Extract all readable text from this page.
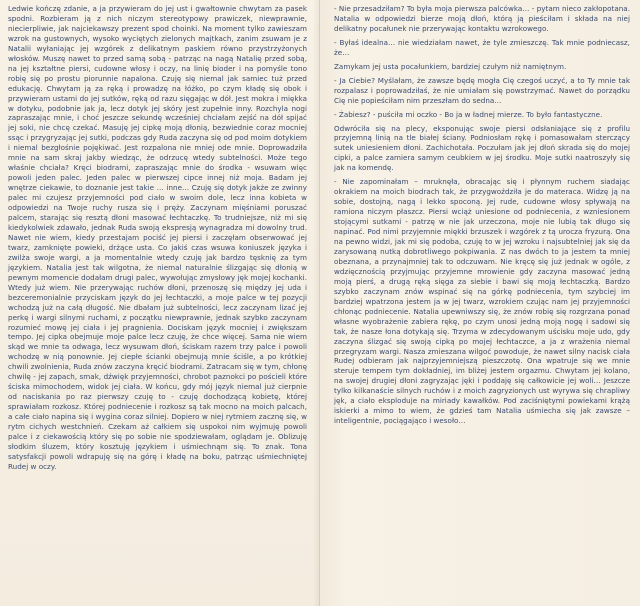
Ledwie kończę zdanie, a ja przywieram do jej ust i gwałtownie chwytam za pasek spodni. Rozbieram ją z nich niczym stereotypowy prawiczek, niewprawnie, niecierpliwie, jak najciekawszy prezent spod choinki. Na moment tylko zawieszam wzrok na gustownych, wysoko wyciętych zielonych majtkach, zanim zsuwam je z Natalii wyłaniając jej wzgórek z delikatnym paskiem równo przystrzyżonych włosków. Muszę nawet to przed samą sobą - patrząc na nagą Natalię przed sobą, na jej kształtne piersi, cudowne włosy i oczy, na linię bioder i na pomyśle tono robię się po prostu piorunnie napalona. Czuję się niemal jak samiec tuż przed edukację. Chwytam ją za ręką i prowadzę na łóżko, po czym kładę się obok i przywieram ustami do jej sutków, ręką od razu sięgając w dół. Jest mokra i miękka w dotyku, podobnie jak ja, lecz dotyk jej skóry jest zupełnie inny. Rozchyla nogi zapraszając mnie, i choć jeszcze sekundę wcześniej chciałam zejść na dół spijać jej soki, nie chcę czekać. Masuję jej cipkę moją dłonią, bezwiednie coraz mocniej ssąc i przygryzając jej sutki, podczas gdy Ruda zaczyna się od pod moim dotykiem i niemal bezgłośnie pojękiwać. Jest rozpalona nie mniej ode mnie. Doprowadziła mnie na sam skraj jakby wiedząc, że odrzucę wtedy subtelności. Może tego właśnie chciała? Kręci biodrami, zapraszając mnie do środka - wsuwam więc powoli jeden palec. Jeden palec w pierwszej cipce innej niż moja. Badam jej wnętrze ciekawie, to doznanie jest takie … inne… Czuję się dotyk jakże ze zwinny palec mi czujesz przyjemności pod ciało w swoim dole, lecz inna kobieta w odpowiedzi na Twoje ruchy rusza się i pręży. Zaczynam mięśniami poruszać palcem, starając się resztą dłoni masować łechtaczkę. To trudniejsze, niż mi się kiedykolwiek zdawało, jednak Ruda swoją ekspresją wynagradza mi dowolny trud. Nawet nie wiem, kiedy przestajam pociść jej piersi i zaczęłam obserwować jej twarz, zamknięte powieki, drżące usta. Co jakiś czas wsuwa koniuszek języka i zwilża swoje wargi, a ja momentalnie wtedy czuję jak bardzo tęsknię za tym językiem. Natalia jest tak wilgotna, że niemal naturalnie ślizgając się dłonią w pewnym momencie dodałam drugi palec, wywołując zmysłowy jęk mojej kochanki. Wtedy już wiem. Nie przerywając ruchów dłoni, przenoszę się między jej uda i bezceremonialnie przyciskam język do jej łechtaczki, a moje palce w tej pozycji wchodzą już na całą długość. Nie dbałam już subtelności, lecz zaczynam lizać jej perkę i wargi silnymi ruchami, z początku niewprawnie, jednak szybko zaczynam rozumieć mowę jej ciała i jej pragnienia. Dociskam język mocniej i zwiększam tempo. Jej cipka obejmuje moje palce lecz czuję, że chce więcej. Sama nie wiem skąd we mnie ta odwaga, lecz wysuwam dłoń, ściskam razem trzy palce i powoli wchodzę w nią ponownie. Jej ciepłe ścianki obejmują mnie ściśle, a po krótkiej chwili zwolnienia, Ruda znów zaczyna kręcić biodrami. Zatracam się w tym, chłonę chwilę - jej zapach, smak, dźwięk przyjemności, chrobot paznokci po pościeli które ściska mimochodem, widok jej ciała. W końcu, gdy mój język niemal już cierpnie od naciskania po raz pierwszy czuję to - czuję dochodzącą kobietę, której sprawiałam rozkosz. Której podniecenie i rozkosz są tak mocno na moich palcach, a całe ciało napina się i wygina coraz silniej. Dopiero w niej rytmiem zacznę się, w rytm cichych westchnień. Czekam aż całkiem się uspokoi nim wyjmuję powoli palce i z ciekawością który się po sobie nie spodziewałam, oglądam je. Oblizuję słodkim śluzem, który kosztuję językiem i uśmiechnąm się. To znak. Tona satysfakcji powoli wdrapuję się na górę i kładę na boku, patrząc uśmiechniętej Rudej w oczy.

- Nie przesadziłam? To była moja pierwsza palcówka… - pytam nieco zakłopotana. Natalia w odpowiedzi bierze moją dłoń, którą ją pieściłam i składa na niej delikatny pocałunek nie przerywając kontaktu wzrokowego.

- Byłaś idealna… nie wiedziałam nawet, że tyle zmieszczę. Tak mnie podniecasz, że…

Zamykam jej usta pocałunkiem, bardziej czułym niż namiętnym.

- Ja Ciebie? Myślałam, że zawsze będę mogła Cię czegoś uczyć, a to Ty mnie tak rozpalasz i poprowadziłaś, że nie umiałam się powstrzymać. Nawet do porządku Cię nie popieściłam nim przeszłam do sedna…

- Żabiesz? - puściła mi oczko - Bo ja w ładnej mierze. To było fantastyczne.

Odwróciła się na plecy, eksponując swoje piersi odsłaniające się z profilu przyjemną linią na tle białej ściany. Podniosłam rękę i pomasowałam sterczący sutek uniesieniem dłoni. Zachichotała. Poczułam jak jej dłoń skrada się do mojej cipki, a palce zamiera samym ceubkiem w jej środku. Moje sutki naatroszyły się jak na komendę.

- Nie zapominałam – mruknęła, obracając się i płynnym ruchem siadając okrakiem na moich biodrach tak, że przygwoździła je do materaca. Widzę ją na sobie, dostojną, nagą i lekko spoconą. Jej rude, cudowne włosy spływają na ramiona niczym płaszcz. Piersi wciąż uniesione od podniecenia, z wzniesionem stojącymi sutkami - patrzę w nie jak urzeczona, moje nie lubią tak długo się napinać. Pod nimi przyjemnie miękki brzuszek i wzgórek z tą urocza fryzurą. Ona na pewno widzi, jak mi się podoba, czuję to w jej wzroku i najsubtelniej jak się da zarysowaną nutką dobrotliwego pokpiwania. Z nas dwóch to ja jestem ta mniej obeznana, a przynajmniej tak to odczuwam. Nie kręcę się już jednak w ogóle, z wdzięcznością przyjmując przyjemne mrowienie gdy zaczyna masować jedną moją pierś, a drugą ręką sięga za siebie i bawi się moją łechtaczką. Bardzo szybko zaczynam znów wspinać się na górkę podniecenia, tym szybciej im bardziej wpatrzona jestem ja w jej twarz, wzrokiem czując nam jej przyjemności chłonąc podniecenie. Natalia upewniwszy się, że znów robię się rozgrzana ponad własne wyobrażenie zabiera rękę, po czym unosi jedną moją nogę i sadowi się tak, że nasze łona dotykają się. Trzyma w zdecydowanym uścisku moje udo, gdy zaczyna ślizgać się swoją cipką po mojej łechtaczce, a ja z wrażenia niemal przegryzam wargi. Nasza zmieszana wilgoć powoduje, że nawet silny nacisk ciała Rudej odbieram jak najprzyjemniejszą pieszczotę. Ona wpatruje się we mnie steruje tempem tym dokładniej, im bliżej jestem orgazmu. Chwytam jej kolano, na swojej drugiej dłoni zagryzając jęki i poddaję się całkowicie jej woli… Jeszcze tylko kilkanaście silnych ruchów i z moich zagryzionych ust wyrywa się chrapliwy jęk, a ciało eksploduje na miriady kawałków. Pod zaciśniętymi powiekami krążą iskierki a mimo to wiem, że gdzieś tam Natalia uśmiecha się jak zawsze – inteligentnie, pociągająco i wesoło…
